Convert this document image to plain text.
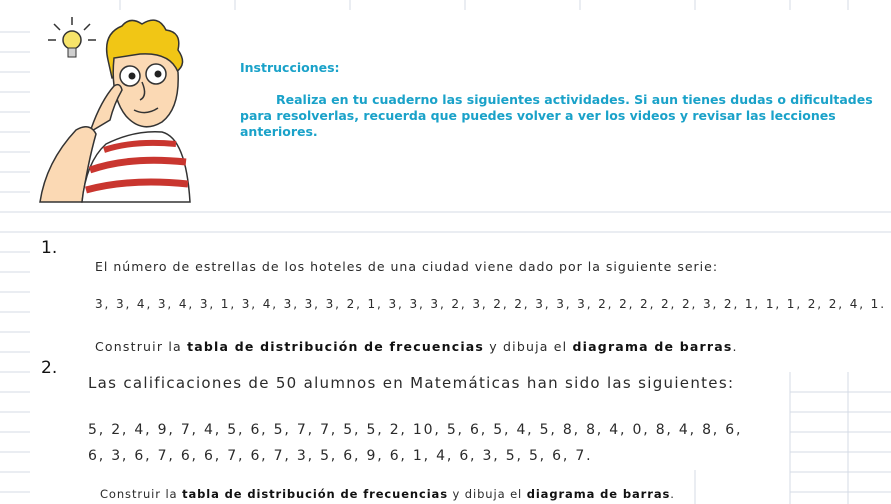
Instrucciones:
Realiza en tu cuaderno las siguientes actividades. Si aun tienes dudas o dificultades para resolverlas, recuerda que puedes volver a ver los videos y revisar las lecciones anteriores.
1.
El número de estrellas de los hoteles de una ciudad viene dado por la siguiente serie:
3, 3, 4, 3, 4, 3, 1, 3, 4, 3, 3, 3, 2, 1, 3, 3, 3, 2, 3, 2, 2, 3, 3, 3, 2, 2, 2, 2, 2, 3, 2, 1, 1, 1, 2, 2, 4, 1.
Construir la tabla de distribución de frecuencias y dibuja el diagrama de barras.
2.
Las calificaciones de 50 alumnos en Matemáticas han sido las siguientes:
5, 2, 4, 9, 7, 4, 5, 6, 5, 7, 7, 5, 5, 2, 10, 5, 6, 5, 4, 5, 8, 8, 4, 0, 8, 4, 8, 6,
6, 3, 6, 7, 6, 6, 7, 6, 7, 3, 5, 6, 9, 6, 1, 4, 6, 3, 5, 5, 6, 7.
Construir la tabla de distribución de frecuencias y dibuja el diagrama de barras.
